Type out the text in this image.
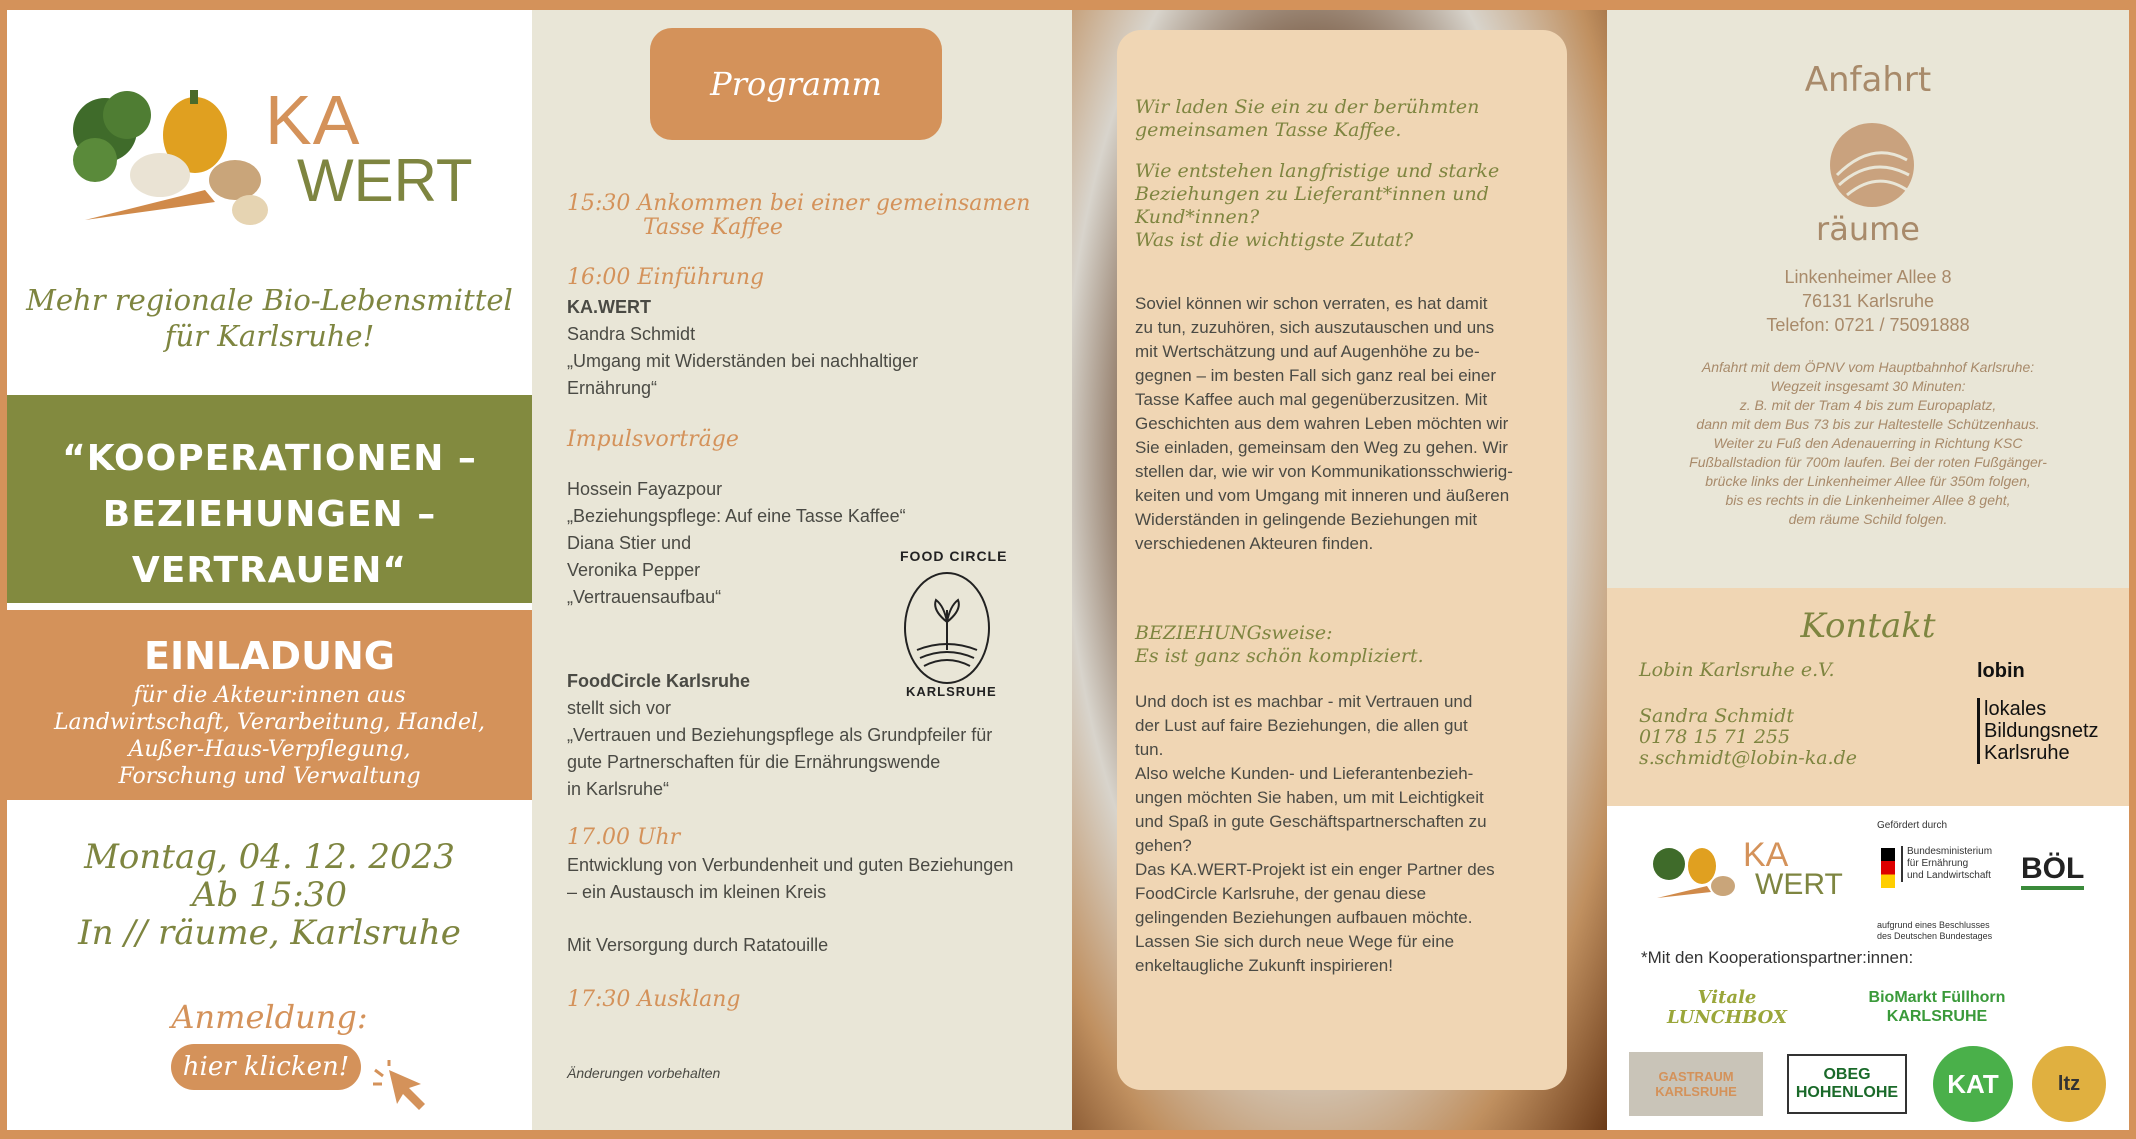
KA
WERT
Mehr regionale Bio-Lebensmittel
für Karlsruhe!
“KOOPERATIONEN –
BEZIEHUNGEN – VERTRAUEN“
EINLADUNG
für die Akteur:innen aus
Landwirtschaft, Verarbeitung, Handel,
Außer-Haus-Verpflegung,
Forschung und Verwaltung
Montag, 04. 12. 2023
Ab 15:30
In // räume, Karlsruhe
Anmeldung:
hier klicken!
Programm
15:30 Ankommen bei einer gemeinsamen
Tasse Kaffee
16:00 Einführung
KA.WERT
Sandra Schmidt
„Umgang mit Widerständen bei nachhaltiger
Ernährung“
Impulsvorträge
Hossein Fayazpour
„Beziehungspflege: Auf eine Tasse Kaffee“
Diana Stier und
Veronika Pepper
„Vertrauensaufbau“
FOOD CIRCLE
KARLSRUHE
FoodCircle Karlsruhe
stellt sich vor
„Vertrauen und Beziehungspflege als Grundpfeiler für
gute Partnerschaften für die Ernährungswende
in Karlsruhe“
17.00 Uhr
Entwicklung von Verbundenheit und guten Beziehungen
– ein Austausch im kleinen Kreis
Mit Versorgung durch Ratatouille
17:30 Ausklang
Änderungen vorbehalten
Wir laden Sie ein zu der berühmten
gemeinsamen Tasse Kaffee.
Wie entstehen langfristige und starke
Beziehungen zu Lieferant*innen und
Kund*innen?
Was ist die wichtigste Zutat?
Soviel können wir schon verraten, es hat damit
zu tun, zuzuhören, sich auszutauschen und uns
mit Wertschätzung und auf Augenhöhe zu be-
gegnen – im besten Fall sich ganz real bei einer
Tasse Kaffee auch mal gegenüberzusitzen. Mit
Geschichten aus dem wahren Leben möchten wir
Sie einladen, gemeinsam den Weg zu gehen. Wir
stellen dar, wie wir von Kommunikationsschwierig-
keiten und vom Umgang mit inneren und äußeren
Widerständen in gelingende Beziehungen mit
verschiedenen Akteuren finden.
BEZIEHUNGsweise:
Es ist ganz schön kompliziert.
Und doch ist es machbar - mit Vertrauen und
der Lust auf faire Beziehungen, die allen gut
tun.
Also welche Kunden- und Lieferantenbezieh-
ungen möchten Sie haben, um mit Leichtigkeit
und Spaß in gute Geschäftspartnerschaften zu
gehen?
Das KA.WERT-Projekt ist ein enger Partner des
FoodCircle Karlsruhe, der genau diese
gelingenden Beziehungen aufbauen möchte.
Lassen Sie sich durch neue Wege für eine
enkeltaugliche Zukunft inspirieren!
Anfahrt
räume
Linkenheimer Allee 8
76131 Karlsruhe
Telefon: 0721 / 75091888
Anfahrt mit dem ÖPNV vom Hauptbahnhof Karlsruhe:
Wegzeit insgesamt 30 Minuten:
z. B. mit der Tram 4 bis zum Europaplatz,
dann mit dem Bus 73 bis zur Haltestelle Schützenhaus.
Weiter zu Fuß den Adenauerring in Richtung KSC
Fußballstadion für 700m laufen. Bei der roten Fußgänger-
brücke links der Linkenheimer Allee für 350m folgen,
bis es rechts in die Linkenheimer Allee 8 geht,
dem räume Schild folgen.
Kontakt
Lobin Karlsruhe e.V.
Sandra Schmidt
0178 15 71 255
s.schmidt@lobin-ka.de
lobin
lokales
Bildungsnetz
Karlsruhe
KA
WERT
Gefördert durch
Bundesministerium
für Ernährung
und Landwirtschaft
aufgrund eines Beschlusses
des Deutschen Bundestages
BÖL
*Mit den Kooperationspartner:innen:
Vitale LUNCHBOX
BioMarkt Füllhorn KARLSRUHE
GASTRAUM KARLSRUHE
OBEG HOHENLOHE	KAT	ltz
